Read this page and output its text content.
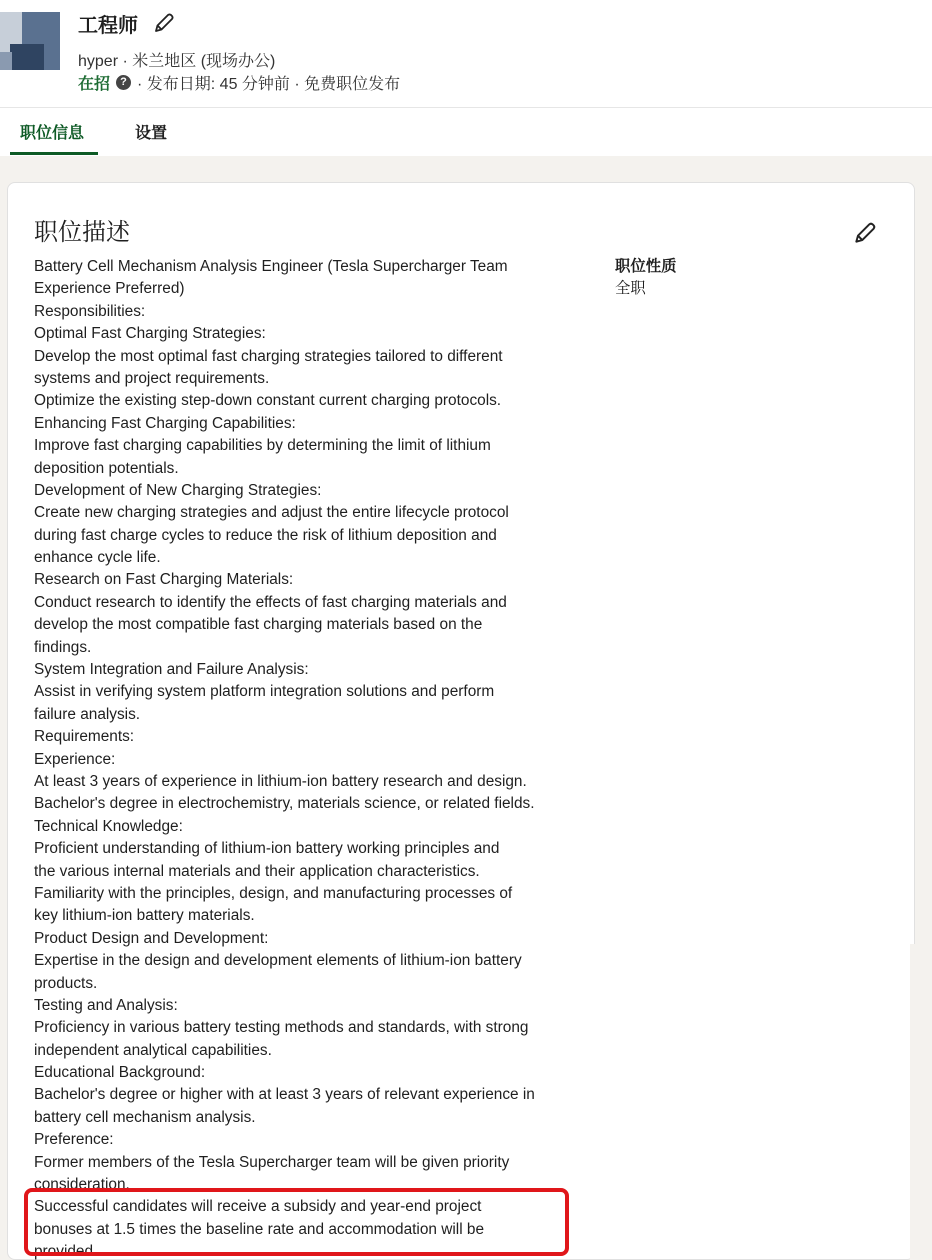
工程师
hyper · 米兰地区 (现场办公)
在招 ? · 发布日期: 45 分钟前 · 免费职位发布
职位信息	设置
职位描述
Battery Cell Mechanism Analysis Engineer (Tesla Supercharger Team
Experience Preferred)
Responsibilities:
Optimal Fast Charging Strategies:
Develop the most optimal fast charging strategies tailored to different
systems and project requirements.
Optimize the existing step-down constant current charging protocols.
Enhancing Fast Charging Capabilities:
Improve fast charging capabilities by determining the limit of lithium
deposition potentials.
Development of New Charging Strategies:
Create new charging strategies and adjust the entire lifecycle protocol
during fast charge cycles to reduce the risk of lithium deposition and
enhance cycle life.
Research on Fast Charging Materials:
Conduct research to identify the effects of fast charging materials and
develop the most compatible fast charging materials based on the
findings.
System Integration and Failure Analysis:
Assist in verifying system platform integration solutions and perform
failure analysis.
Requirements:
Experience:
At least 3 years of experience in lithium-ion battery research and design.
Bachelor's degree in electrochemistry, materials science, or related fields.
Technical Knowledge:
Proficient understanding of lithium-ion battery working principles and
the various internal materials and their application characteristics.
Familiarity with the principles, design, and manufacturing processes of
key lithium-ion battery materials.
Product Design and Development:
Expertise in the design and development elements of lithium-ion battery
products.
Testing and Analysis:
Proficiency in various battery testing methods and standards, with strong
independent analytical capabilities.
Educational Background:
Bachelor's degree or higher with at least 3 years of relevant experience in
battery cell mechanism analysis.
Preference:
Former members of the Tesla Supercharger team will be given priority
consideration.
Successful candidates will receive a subsidy and year-end project
bonuses at 1.5 times the baseline rate and accommodation will be
provided.
职位性质
全职
